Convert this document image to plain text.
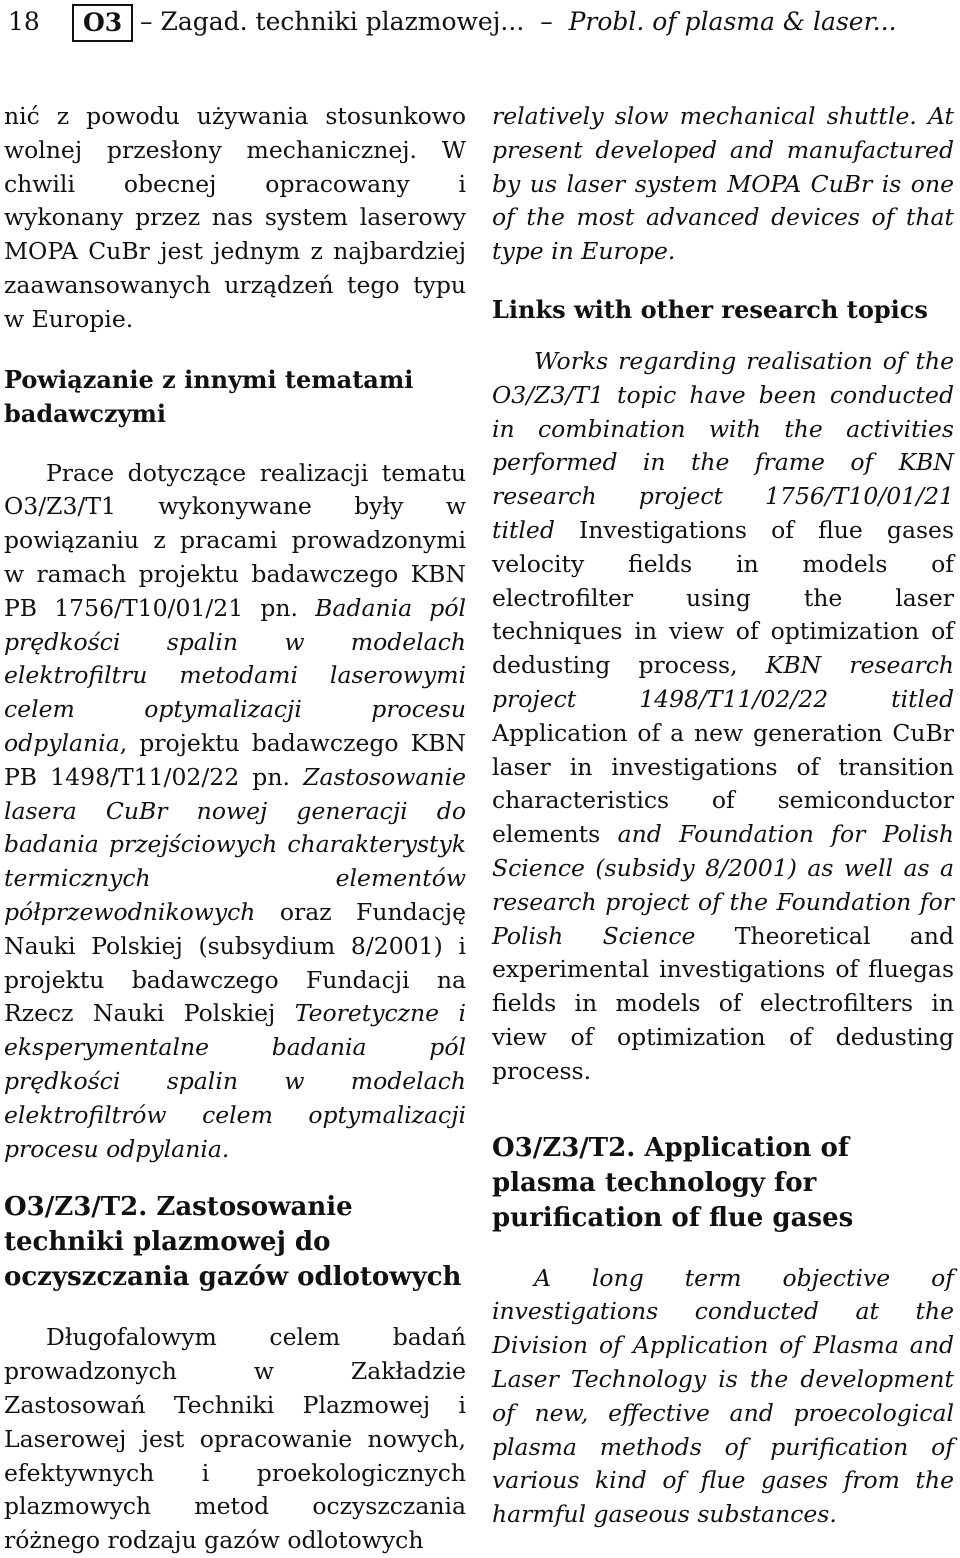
18	O3 – Zagad. techniki plazmowej... – Probl. of plasma & laser...

nić z powodu używania stosunkowo wolnej przesłony mechanicznej. W chwili obecnej opracowany i wykonany przez nas system laserowy MOPA CuBr jest jednym z najbardziej zaawansowanych urządzeń tego typu w Europie.

Powiązanie z innymi tematami badawczymi

Prace dotyczące realizacji tematu O3/Z3/T1 wykonywane były w powiązaniu z pracami prowadzonymi w ramach projektu badawczego KBN PB 1756/T10/01/21 pn. Badania pól prędkości spalin w modelach elektrofiltru metodami laserowymi celem optymalizacji procesu odpylania, projektu badawczego KBN PB 1498/T11/02/22 pn. Zastosowanie lasera CuBr nowej generacji do badania przejściowych charakterystyk termicznych elementów półprzewodnikowych oraz Fundację Nauki Polskiej (subsydium 8/2001) i projektu badawczego Fundacji na Rzecz Nauki Polskiej Teoretyczne i eksperymentalne badania pól prędkości spalin w modelach elektrofiltrów celem optymalizacji procesu odpylania.

O3/Z3/T2. Zastosowanie techniki plazmowej do oczyszczania gazów odlotowych

Długofalowym celem badań prowadzonych w Zakładzie Zastosowań Techniki Plazmowej i Laserowej jest opracowanie nowych, efektywnych i proekologicznych plazmowych metod oczyszczania różnego rodzaju gazów odlotowych

relatively slow mechanical shuttle. At present developed and manufactured by us laser system MOPA CuBr is one of the most advanced devices of that type in Europe.

Links with other research topics

Works regarding realisation of the O3/Z3/T1 topic have been conducted in combination with the activities performed in the frame of KBN research project 1756/T10/01/21 titled Investigations of flue gases velocity fields in models of electrofilter using the laser techniques in view of optimization of dedusting process, KBN research project 1498/T11/02/22 titled Application of a new generation CuBr laser in investigations of transition characteristics of semiconductor elements and Foundation for Polish Science (subsidy 8/2001) as well as a research project of the Foundation for Polish Science Theoretical and experimental investigations of fluegas fields in models of electrofilters in view of optimization of dedusting process.

O3/Z3/T2. Application of plasma technology for purification of flue gases

A long term objective of investigations conducted at the Division of Application of Plasma and Laser Technology is the development of new, effective and proecological plasma methods of purification of various kind of flue gases from the harmful gaseous substances.
